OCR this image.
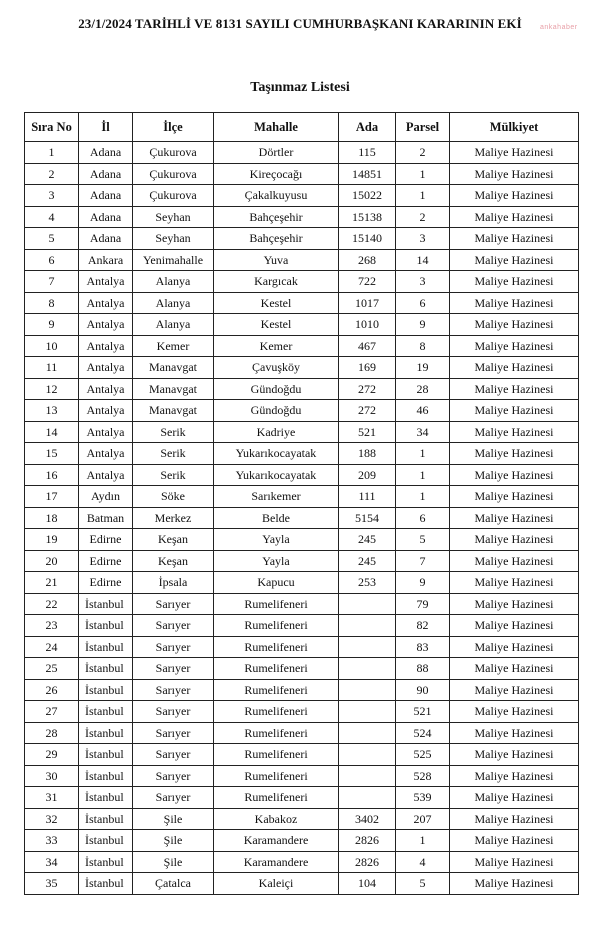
23/1/2024 TARİHLİ VE 8131 SAYILI CUMHURBAŞKANI KARARININ EKİ	ankahaber
Taşınmaz Listesi
Sıra No	İl	İlçe	Mahalle	Ada	Parsel	Mülkiyet
1	Adana	Çukurova	Dörtler	115	2	Maliye Hazinesi
2	Adana	Çukurova	Kireçocağı	14851	1	Maliye Hazinesi
3	Adana	Çukurova	Çakalkuyusu	15022	1	Maliye Hazinesi
4	Adana	Seyhan	Bahçeşehir	15138	2	Maliye Hazinesi
5	Adana	Seyhan	Bahçeşehir	15140	3	Maliye Hazinesi
6	Ankara	Yenimahalle	Yuva	268	14	Maliye Hazinesi
7	Antalya	Alanya	Kargıcak	722	3	Maliye Hazinesi
8	Antalya	Alanya	Kestel	1017	6	Maliye Hazinesi
9	Antalya	Alanya	Kestel	1010	9	Maliye Hazinesi
10	Antalya	Kemer	Kemer	467	8	Maliye Hazinesi
11	Antalya	Manavgat	Çavuşköy	169	19	Maliye Hazinesi
12	Antalya	Manavgat	Gündoğdu	272	28	Maliye Hazinesi
13	Antalya	Manavgat	Gündoğdu	272	46	Maliye Hazinesi
14	Antalya	Serik	Kadriye	521	34	Maliye Hazinesi
15	Antalya	Serik	Yukarıkocayatak	188	1	Maliye Hazinesi
16	Antalya	Serik	Yukarıkocayatak	209	1	Maliye Hazinesi
17	Aydın	Söke	Sarıkemer	111	1	Maliye Hazinesi
18	Batman	Merkez	Belde	5154	6	Maliye Hazinesi
19	Edirne	Keşan	Yayla	245	5	Maliye Hazinesi
20	Edirne	Keşan	Yayla	245	7	Maliye Hazinesi
21	Edirne	İpsala	Kapucu	253	9	Maliye Hazinesi
22	İstanbul	Sarıyer	Rumelifeneri		79	Maliye Hazinesi
23	İstanbul	Sarıyer	Rumelifeneri		82	Maliye Hazinesi
24	İstanbul	Sarıyer	Rumelifeneri		83	Maliye Hazinesi
25	İstanbul	Sarıyer	Rumelifeneri		88	Maliye Hazinesi
26	İstanbul	Sarıyer	Rumelifeneri		90	Maliye Hazinesi
27	İstanbul	Sarıyer	Rumelifeneri		521	Maliye Hazinesi
28	İstanbul	Sarıyer	Rumelifeneri		524	Maliye Hazinesi
29	İstanbul	Sarıyer	Rumelifeneri		525	Maliye Hazinesi
30	İstanbul	Sarıyer	Rumelifeneri		528	Maliye Hazinesi
31	İstanbul	Sarıyer	Rumelifeneri		539	Maliye Hazinesi
32	İstanbul	Şile	Kabakoz	3402	207	Maliye Hazinesi
33	İstanbul	Şile	Karamandere	2826	1	Maliye Hazinesi
34	İstanbul	Şile	Karamandere	2826	4	Maliye Hazinesi
35	İstanbul	Çatalca	Kaleiçi	104	5	Maliye Hazinesi
